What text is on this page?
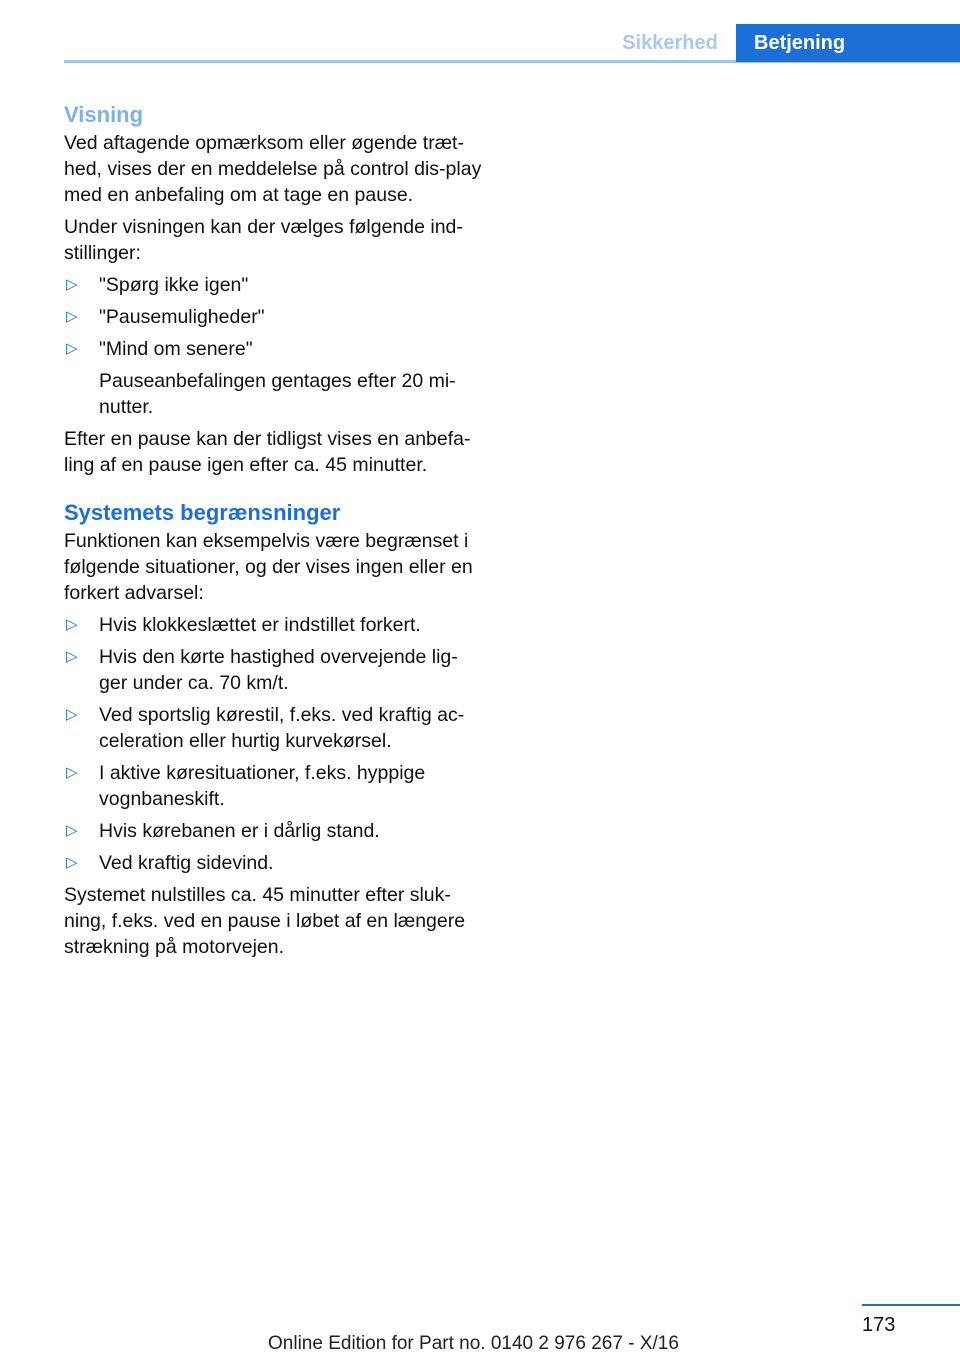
Sikkerhed	Betjening
Visning

Ved aftagende opmærksom eller øgende træt-hed, vises der en meddelelse på control dis-play med en anbefaling om at tage en pause.

Under visningen kan der vælges følgende ind-stillinger:

▷ "Spørg ikke igen"
▷ "Pausemuligheder"
▷ "Mind om senere"
Pauseanbefalingen gentages efter 20 mi-nutter.

Efter en pause kan der tidligst vises en anbefa-ling af en pause igen efter ca. 45 minutter.

Systemets begrænsninger

Funktionen kan eksempelvis være begrænset i følgende situationer, og der vises ingen eller en forkert advarsel:

▷ Hvis klokkeslættet er indstillet forkert.
▷ Hvis den kørte hastighed overvejende lig-ger under ca. 70 km/t.
▷ Ved sportslig kørestil, f.eks. ved kraftig ac-celeration eller hurtig kurvekørsel.
▷ I aktive køresituationer, f.eks. hyppige vognbaneskift.
▷ Hvis kørebanen er i dårlig stand.
▷ Ved kraftig sidevind.

Systemet nulstilles ca. 45 minutter efter sluk-ning, f.eks. ved en pause i løbet af en længere strækning på motorvejen.

173
Online Edition for Part no. 0140 2 976 267 - X/16
